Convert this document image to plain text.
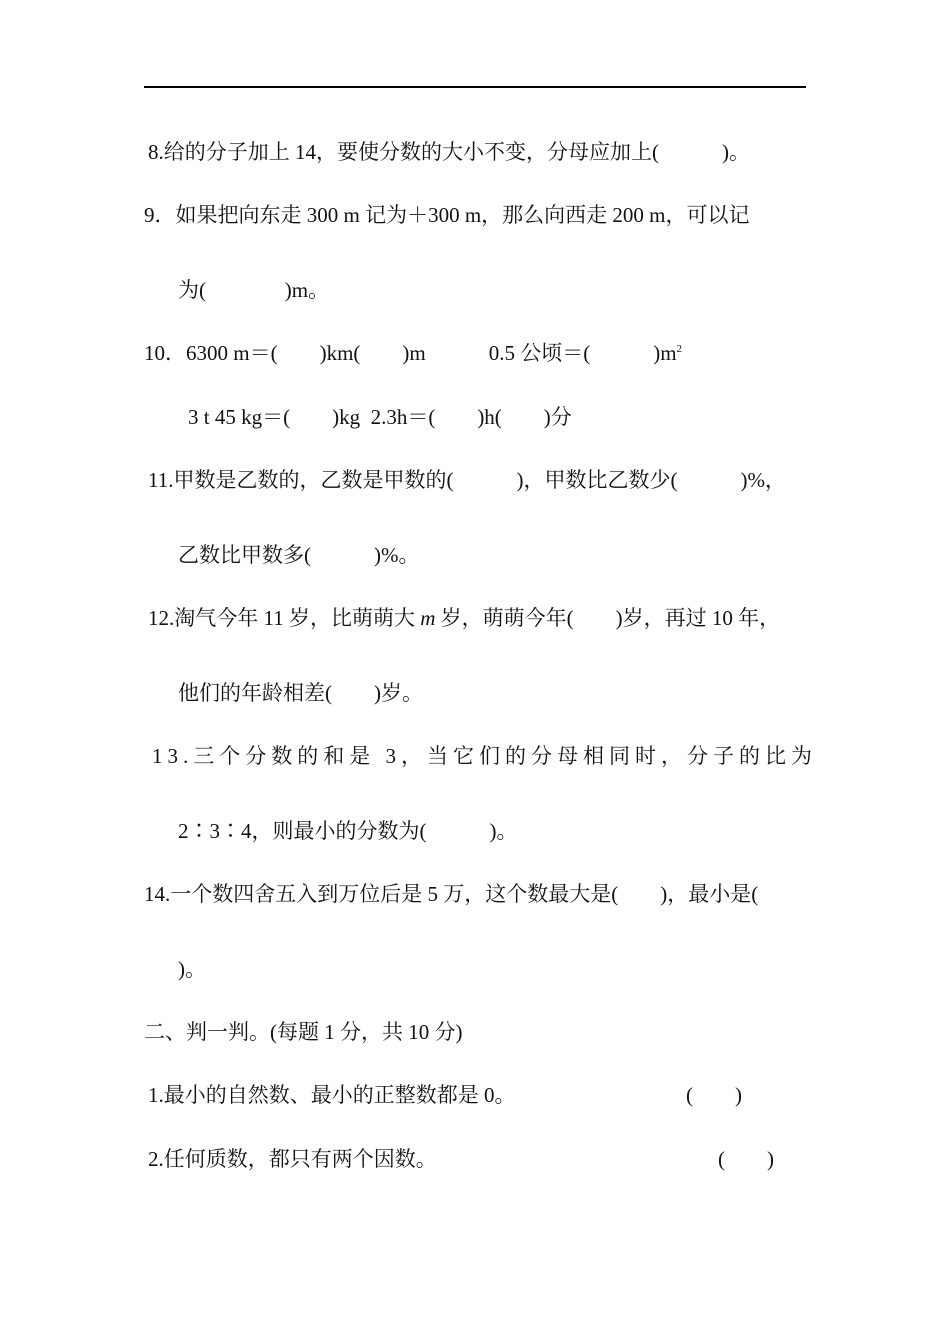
8.给的分子加上 14，要使分数的大小不变，分母应加上(            )。
9．如果把向东走 300 m 记为＋300 m，那么向西走 200 m，可以记
为(               )m。
10．6300 m＝(        )km(        )m            0.5 公顷＝(            )$m^2$
3 t 45 kg＝(        )kg  2.3h＝(        )h(        )分
11.甲数是乙数的，乙数是甲数的(            )，甲数比乙数少(            )%，
乙数比甲数多(            )%。
12.淘气今年 11 岁，比萌萌大 m 岁，萌萌今年(        )岁，再过 10 年，
他们的年龄相差(        )岁。
13.三个分数的和是 3，当它们的分母相同时，分子的比为
2∶3∶4，则最小的分数为(            )。
14.一个数四舍五入到万位后是 5 万，这个数最大是(        )，最小是(
)。
二、判一判。(每题 1 分，共 10 分)
1.最小的自然数、最小的正整数都是 0。	(        )
2.任何质数，都只有两个因数。	(        )
